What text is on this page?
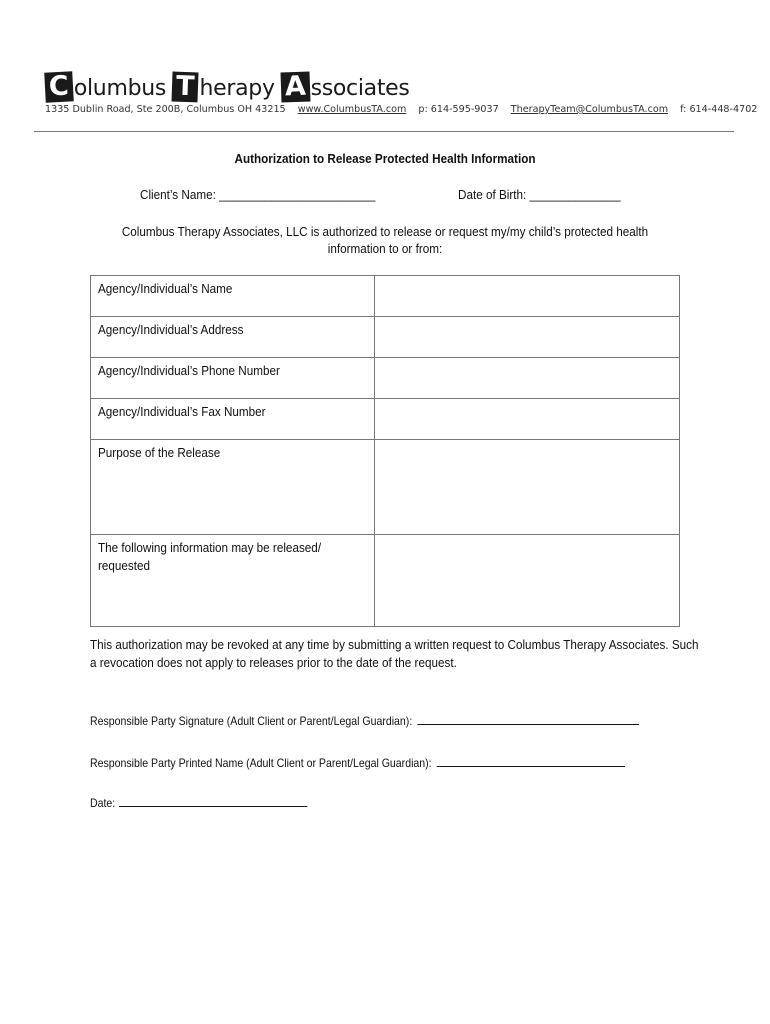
C olumbus T herapy A ssociates
1335 Dublin Road, Ste 200B, Columbus OH 43215 www.ColumbusTA.com p: 614-595-9037 TherapyTeam@ColumbusTA.com f: 614-448-4702
Authorization to Release Protected Health Information
Client’s Name: ________________________	Date of Birth: ______________
Columbus Therapy Associates, LLC is authorized to release or request my/my child’s protected health information to or from:
Agency/Individual’s Name	
Agency/Individual’s Address	
Agency/Individual’s Phone Number	
Agency/Individual’s Fax Number	
Purpose of the Release	
The following information may be released/ requested	
This authorization may be revoked at any time by submitting a written request to Columbus Therapy Associates. Such a revocation does not apply to releases prior to the date of the request.
Responsible Party Signature (Adult Client or Parent/Legal Guardian):
Responsible Party Printed Name (Adult Client or Parent/Legal Guardian):
Date:
